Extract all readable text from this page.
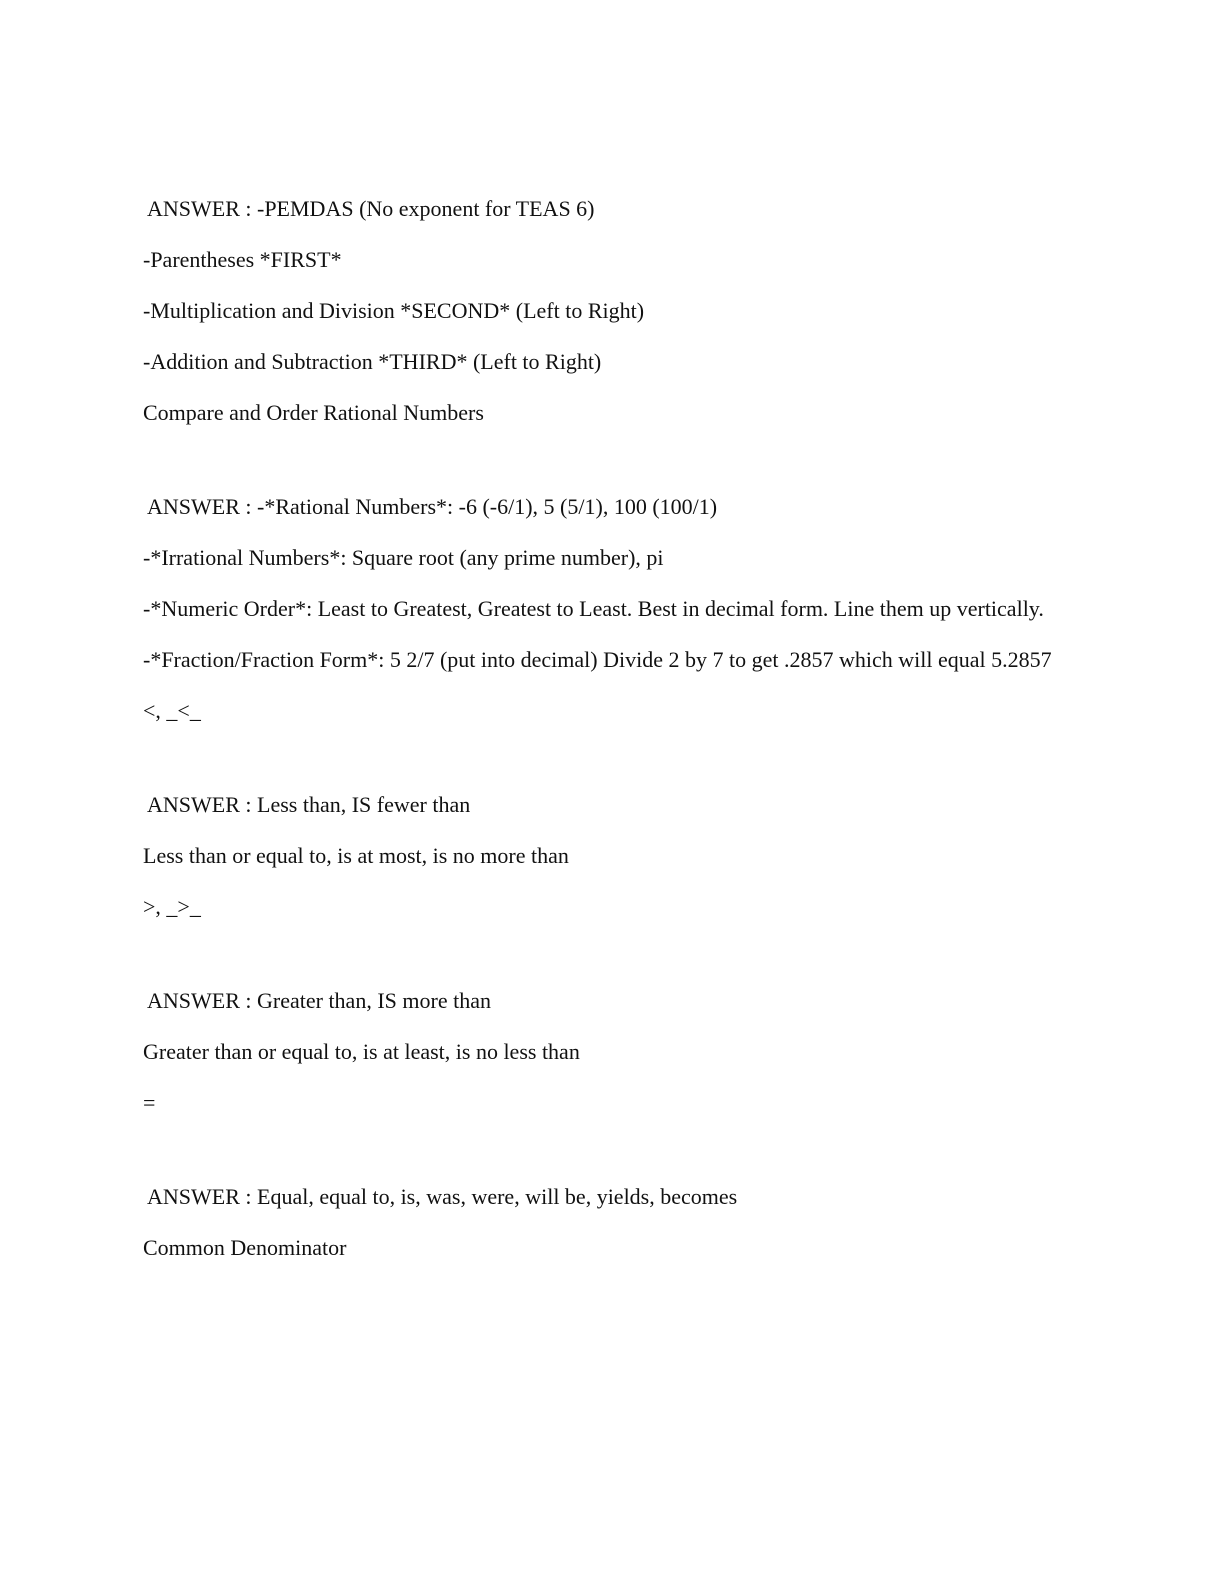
ANSWER : -PEMDAS (No exponent for TEAS 6)

-Parentheses *FIRST*

-Multiplication and Division *SECOND* (Left to Right)

-Addition and Subtraction *THIRD* (Left to Right)

Compare and Order Rational Numbers

ANSWER : -*Rational Numbers*: -6 (-6/1), 5 (5/1), 100 (100/1)

-*Irrational Numbers*: Square root (any prime number), pi

-*Numeric Order*: Least to Greatest, Greatest to Least. Best in decimal form. Line them up vertically.

-*Fraction/Fraction Form*: 5 2/7 (put into decimal) Divide 2 by 7 to get .2857 which will equal 5.2857

<, _<_

ANSWER : Less than, IS fewer than

Less than or equal to, is at most, is no more than

>, _>_

ANSWER : Greater than, IS more than

Greater than or equal to, is at least, is no less than

=

ANSWER : Equal, equal to, is, was, were, will be, yields, becomes

Common Denominator
